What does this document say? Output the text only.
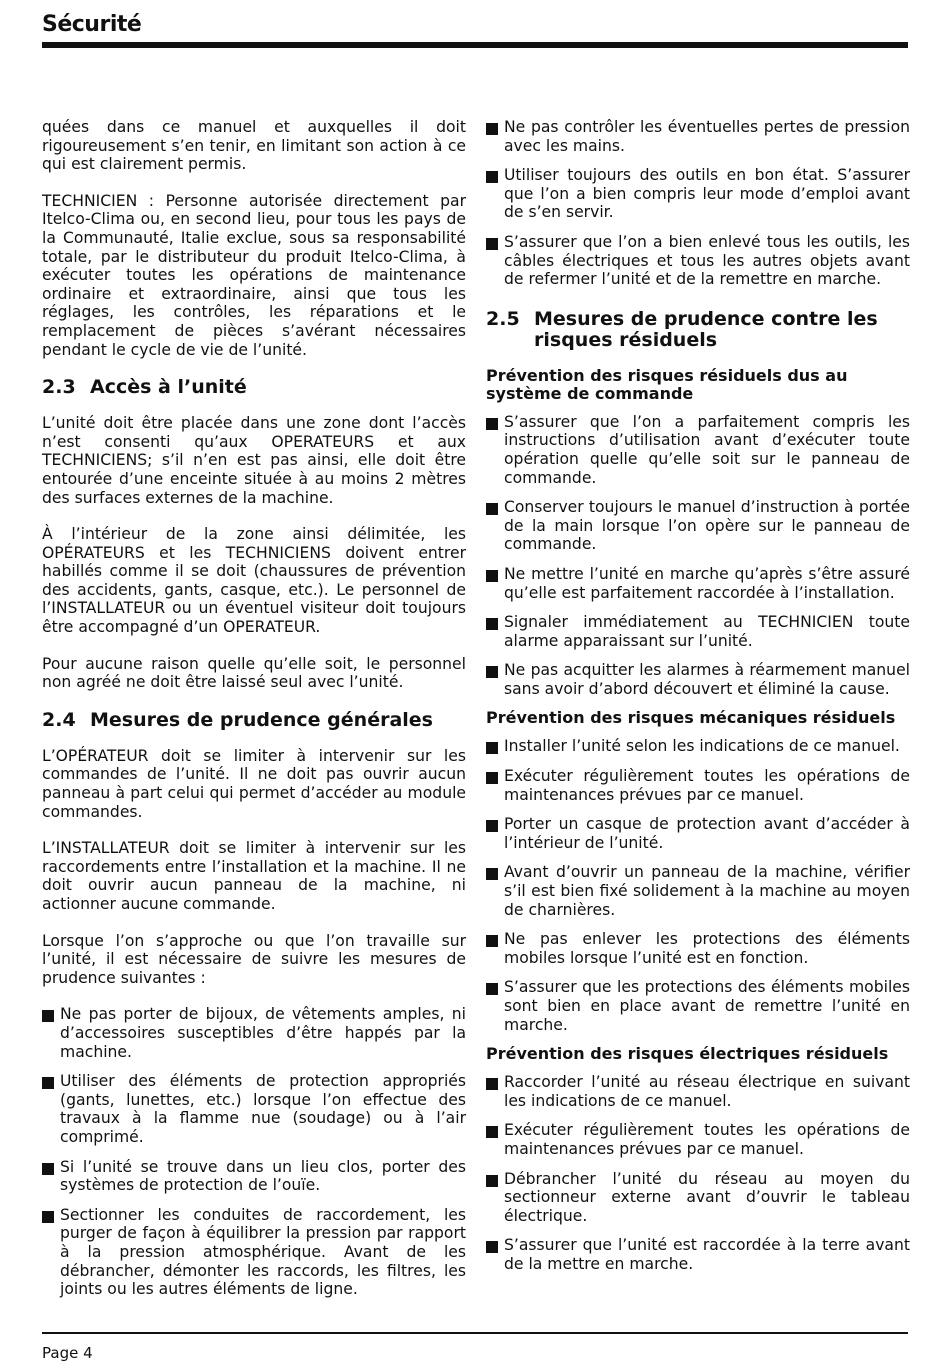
Sécurité

quées dans ce manuel et auxquelles il doit rigoureusement s’en tenir, en limitant son action à ce qui est clairement permis.

TECHNICIEN : Personne autorisée directement par Itelco-Clima ou, en second lieu, pour tous les pays de la Communauté, Italie exclue, sous sa responsabilité totale, par le distributeur du produit Itelco-Clima, à exécuter toutes les opérations de maintenance ordinaire et extraordinaire, ainsi que tous les réglages, les contrôles, les réparations et le remplacement de pièces s’avérant nécessaires pendant le cycle de vie de l’unité.

2.3 Accès à l’unité

L’unité doit être placée dans une zone dont l’accès n’est consenti qu’aux OPERATEURS et aux TECHNICIENS; s’il n’en est pas ainsi, elle doit être entourée d’une enceinte située à au moins 2 mètres des surfaces externes de la machine.

À l’intérieur de la zone ainsi délimitée, les OPÉRATEURS et les TECHNICIENS doivent entrer habillés comme il se doit (chaussures de prévention des accidents, gants, casque, etc.). Le personnel de l’INSTALLATEUR ou un éventuel visiteur doit toujours être accompagné d’un OPERATEUR.

Pour aucune raison quelle qu’elle soit, le personnel non agréé ne doit être laissé seul avec l’unité.

2.4 Mesures de prudence générales

L’OPÉRATEUR doit se limiter à intervenir sur les commandes de l’unité. Il ne doit pas ouvrir aucun panneau à part celui qui permet d’accéder au module commandes.

L’INSTALLATEUR doit se limiter à intervenir sur les raccordements entre l’installation et la machine. Il ne doit ouvrir aucun panneau de la machine, ni actionner aucune commande.

Lorsque l’on s’approche ou que l’on travaille sur l’unité, il est nécessaire de suivre les mesures de prudence suivantes :

Ne pas porter de bijoux, de vêtements amples, ni d’accessoires susceptibles d’être happés par la machine.
Utiliser des éléments de protection appropriés (gants, lunettes, etc.) lorsque l’on effectue des travaux à la flamme nue (soudage) ou à l’air comprimé.
Si l’unité se trouve dans un lieu clos, porter des systèmes de protection de l’ouïe.
Sectionner les conduites de raccordement, les purger de façon à équilibrer la pression par rapport à la pression atmosphérique. Avant de les débrancher, démonter les raccords, les filtres, les joints ou les autres éléments de ligne.
Ne pas contrôler les éventuelles pertes de pression avec les mains.
Utiliser toujours des outils en bon état. S’assurer que l’on a bien compris leur mode d’emploi avant de s’en servir.
S’assurer que l’on a bien enlevé tous les outils, les câbles électriques et tous les autres objets avant de refermer l’unité et de la remettre en marche.
2.5 Mesures de prudence contre les risques résiduels
Prévention des risques résiduels dus au système de commande
S’assurer que l’on a parfaitement compris les instructions d’utilisation avant d’exécuter toute opération quelle qu’elle soit sur le panneau de commande.
Conserver toujours le manuel d’instruction à portée de la main lorsque l’on opère sur le panneau de commande.
Ne mettre l’unité en marche qu’après s’être assuré qu’elle est parfaitement raccordée à l’installation.
Signaler immédiatement au TECHNICIEN toute alarme apparaissant sur l’unité.
Ne pas acquitter les alarmes à réarmement manuel sans avoir d’abord découvert et éliminé la cause.
Prévention des risques mécaniques résiduels
Installer l’unité selon les indications de ce manuel.
Exécuter régulièrement toutes les opérations de maintenances prévues par ce manuel.
Porter un casque de protection avant d’accéder à l’intérieur de l’unité.
Avant d’ouvrir un panneau de la machine, vérifier s’il est bien fixé solidement à la machine au moyen de charnières.
Ne pas enlever les protections des éléments mobiles lorsque l’unité est en fonction.
S’assurer que les protections des éléments mobiles sont bien en place avant de remettre l’unité en marche.
Prévention des risques électriques résiduels
Raccorder l’unité au réseau électrique en suivant les indications de ce manuel.
Exécuter régulièrement toutes les opérations de maintenances prévues par ce manuel.
Débrancher l’unité du réseau au moyen du sectionneur externe avant d’ouvrir le tableau électrique.
S’assurer que l’unité est raccordée à la terre avant de la mettre en marche.
Page 4
